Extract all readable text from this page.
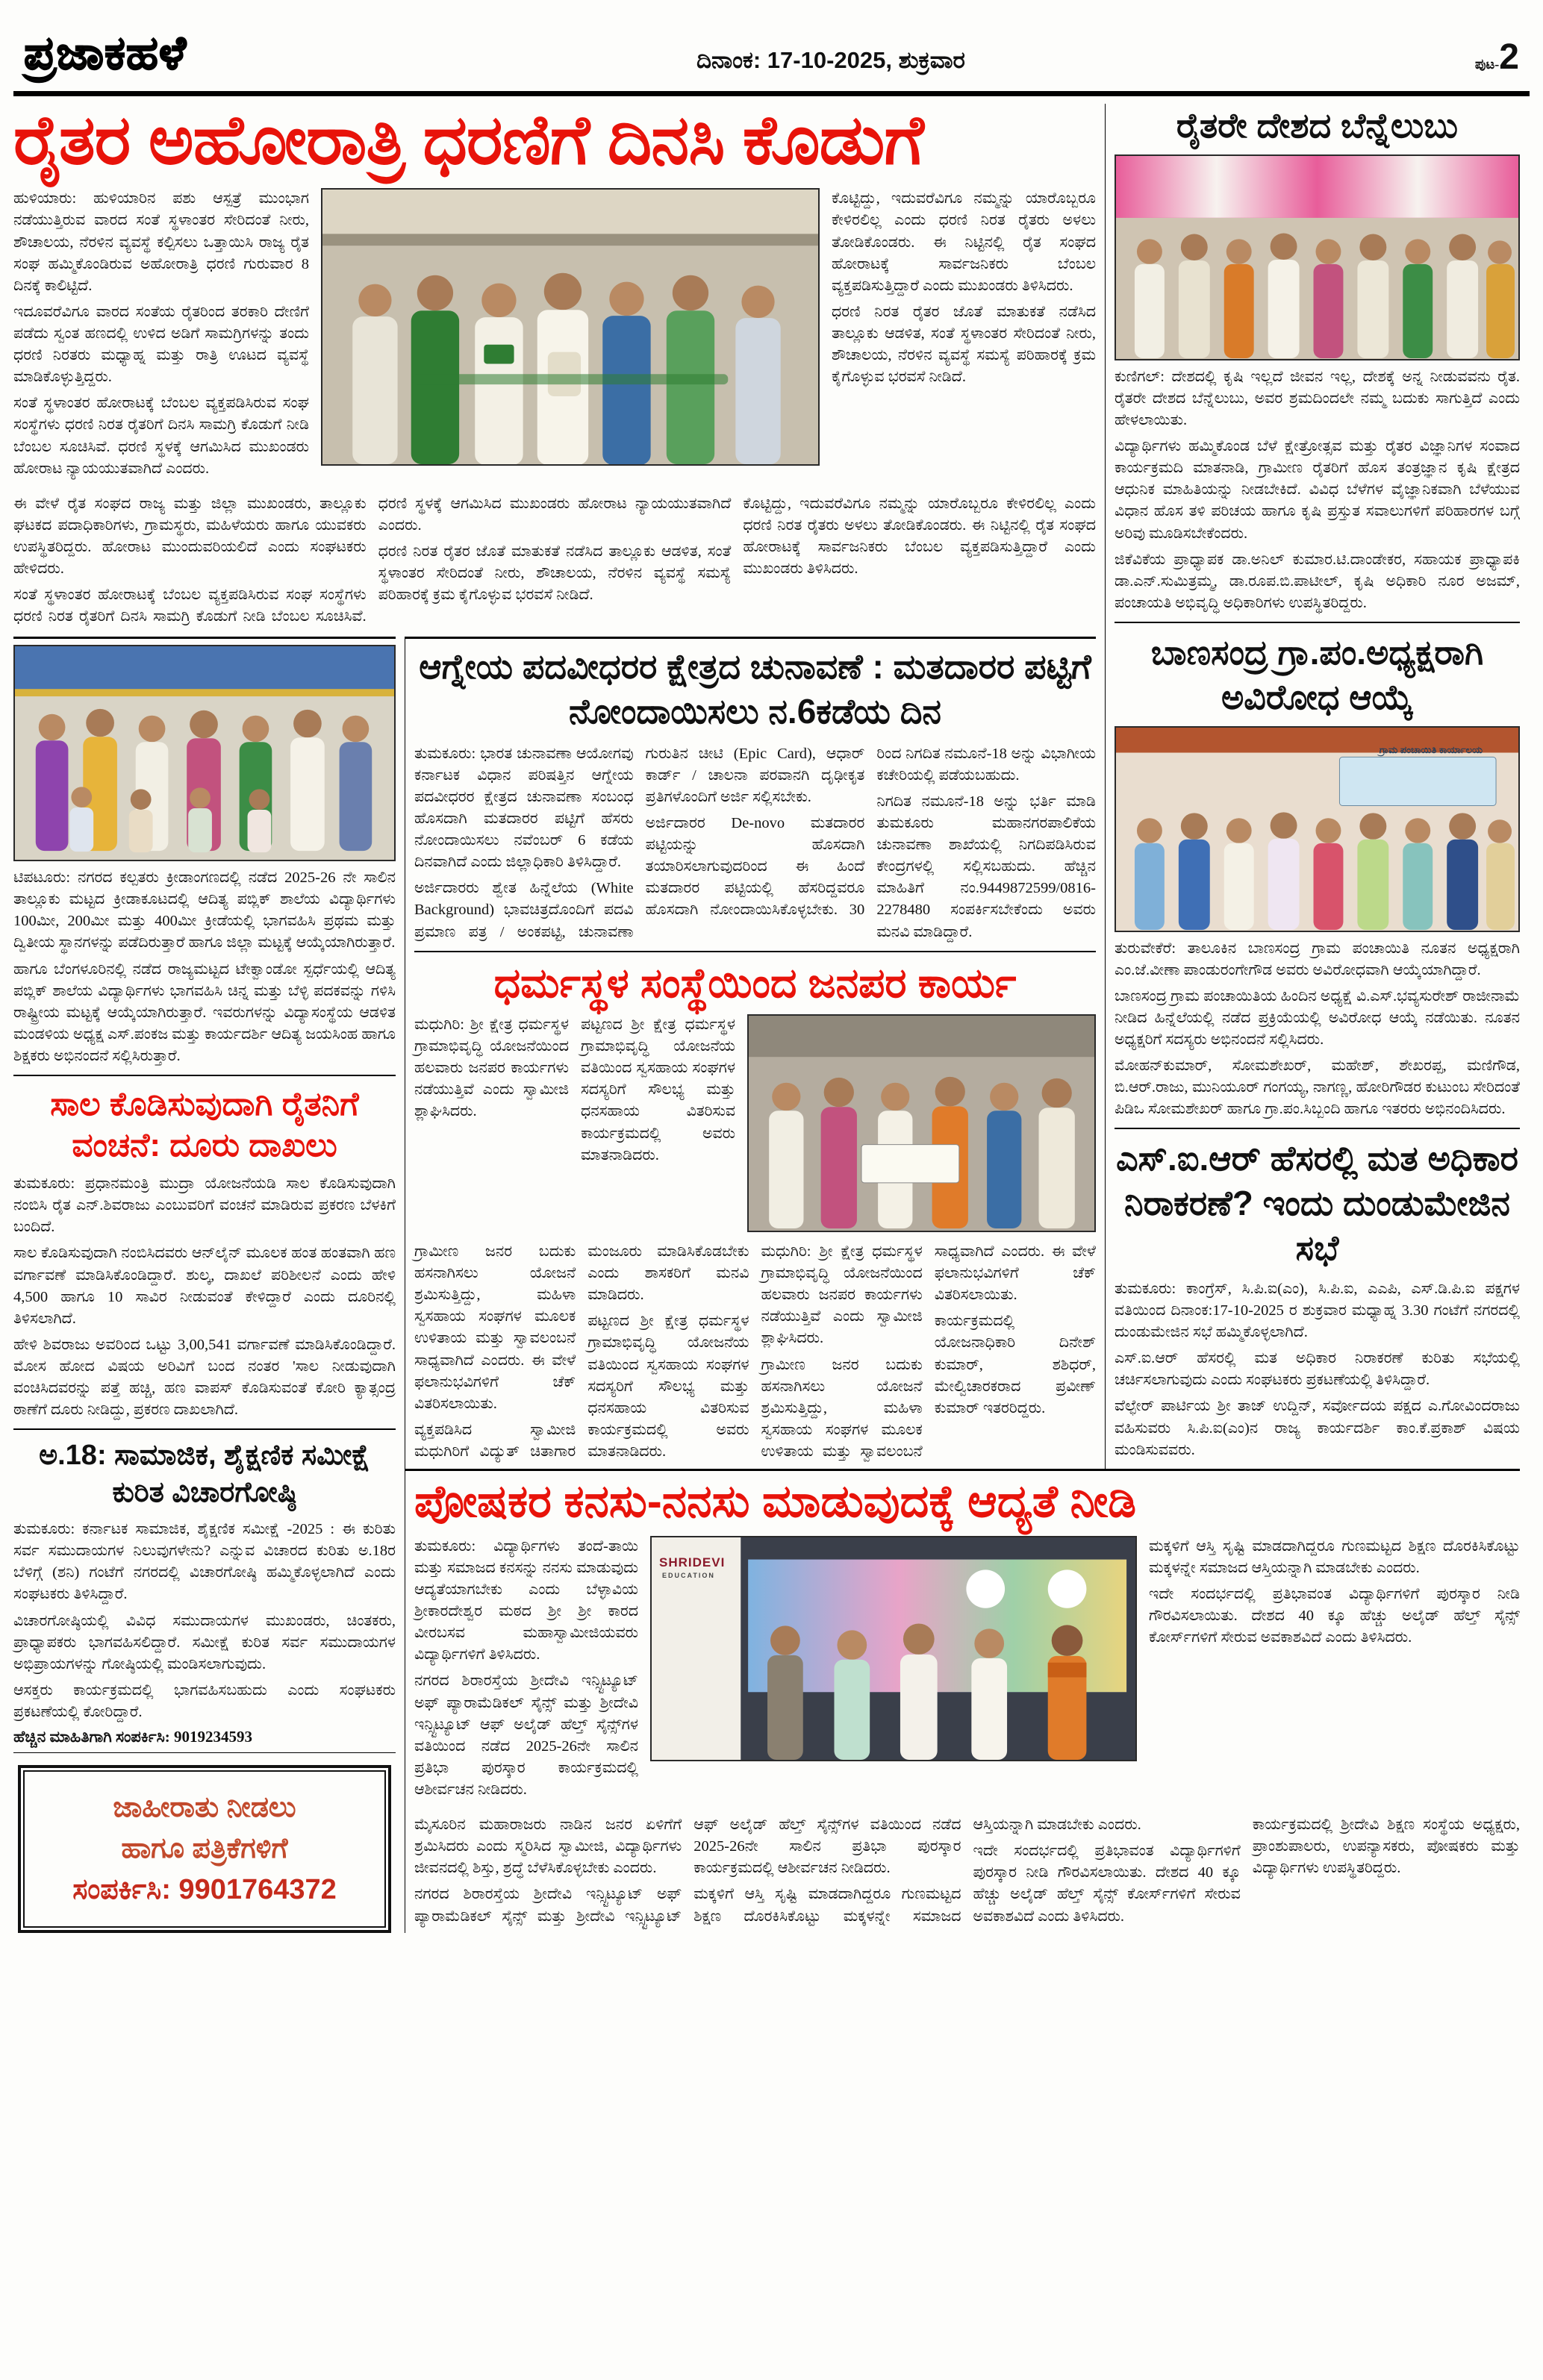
ಪ್ರಜಾಕಹಳೆ	ದಿನಾಂಕ: 17-10-2025, ಶುಕ್ರವಾರ	ಪುಟ-2
ರೈತರ ಅಹೋರಾತ್ರಿ ಧರಣಿಗೆ ದಿನಸಿ ಕೊಡುಗೆ

ಹುಳಿಯಾರು: ಹುಳಿಯಾರಿನ ಪಶು ಆಸ್ಪತ್ರೆ ಮುಂಭಾಗ ನಡೆಯುತ್ತಿರುವ ವಾರದ ಸಂತೆ ಸ್ಥಳಾಂತರ ಸೇರಿದಂತೆ ನೀರು, ಶೌಚಾಲಯ, ನೆರಳಿನ ವ್ಯವಸ್ಥೆ ಕಲ್ಪಿಸಲು ಒತ್ತಾಯಿಸಿ ರಾಜ್ಯ ರೈತ ಸಂಘ ಹಮ್ಮಿಕೊಂಡಿರುವ ಅಹೋರಾತ್ರಿ ಧರಣಿ ಗುರುವಾರ 8 ದಿನಕ್ಕೆ ಕಾಲಿಟ್ಟಿದೆ.

ಇದೂವರೆವಿಗೂ ವಾರದ ಸಂತೆಯ ರೈತರಿಂದ ತರಕಾರಿ ದೇಣಿಗೆ ಪಡೆದು ಸ್ವಂತ ಹಣದಲ್ಲಿ ಉಳಿದ ಅಡಿಗೆ ಸಾಮಗ್ರಿಗಳನ್ನು ತಂದು ಧರಣಿ ನಿರತರು ಮಧ್ಯಾಹ್ನ ಮತ್ತು ರಾತ್ರಿ ಊಟದ ವ್ಯವಸ್ಥೆ ಮಾಡಿಕೊಳ್ಳುತ್ತಿದ್ದರು.

ಸಂತೆ ಸ್ಥಳಾಂತರ ಹೋರಾಟಕ್ಕೆ ಬೆಂಬಲ ವ್ಯಕ್ತಪಡಿಸಿರುವ ಸಂಘ ಸಂಸ್ಥೆಗಳು ಧರಣಿ ನಿರತ ರೈತರಿಗೆ ದಿನಸಿ ಸಾಮಗ್ರಿ ಕೊಡುಗೆ ನೀಡಿ ಬೆಂಬಲ ಸೂಚಿಸಿವೆ. ಧರಣಿ ಸ್ಥಳಕ್ಕೆ ಆಗಮಿಸಿದ ಮುಖಂಡರು ಹೋರಾಟ ನ್ಯಾಯಯುತವಾಗಿದೆ ಎಂದರು.

ಕೊಟ್ಟಿದ್ದು, ಇದುವರೆವಿಗೂ ನಮ್ಮನ್ನು ಯಾರೊಬ್ಬರೂ ಕೇಳಿರಲಿಲ್ಲ ಎಂದು ಧರಣಿ ನಿರತ ರೈತರು ಅಳಲು ತೋಡಿಕೊಂಡರು. ಈ ನಿಟ್ಟಿನಲ್ಲಿ ರೈತ ಸಂಘದ ಹೋರಾಟಕ್ಕೆ ಸಾರ್ವಜನಿಕರು ಬೆಂಬಲ ವ್ಯಕ್ತಪಡಿಸುತ್ತಿದ್ದಾರೆ ಎಂದು ಮುಖಂಡರು ತಿಳಿಸಿದರು.

ಧರಣಿ ನಿರತ ರೈತರ ಜೊತೆ ಮಾತುಕತೆ ನಡೆಸಿದ ತಾಲ್ಲೂಕು ಆಡಳಿತ, ಸಂತೆ ಸ್ಥಳಾಂತರ ಸೇರಿದಂತೆ ನೀರು, ಶೌಚಾಲಯ, ನೆರಳಿನ ವ್ಯವಸ್ಥೆ ಸಮಸ್ಯೆ ಪರಿಹಾರಕ್ಕೆ ಕ್ರಮ ಕೈಗೊಳ್ಳುವ ಭರವಸೆ ನೀಡಿದೆ.

ಈ ವೇಳೆ ರೈತ ಸಂಘದ ರಾಜ್ಯ ಮತ್ತು ಜಿಲ್ಲಾ ಮುಖಂಡರು, ತಾಲ್ಲೂಕು ಘಟಕದ ಪದಾಧಿಕಾರಿಗಳು, ಗ್ರಾಮಸ್ಥರು, ಮಹಿಳೆಯರು ಹಾಗೂ ಯುವಕರು ಉಪಸ್ಥಿತರಿದ್ದರು. ಹೋರಾಟ ಮುಂದುವರಿಯಲಿದೆ ಎಂದು ಸಂಘಟಕರು ಹೇಳಿದರು.

ಸಂತೆ ಸ್ಥಳಾಂತರ ಹೋರಾಟಕ್ಕೆ ಬೆಂಬಲ ವ್ಯಕ್ತಪಡಿಸಿರುವ ಸಂಘ ಸಂಸ್ಥೆಗಳು ಧರಣಿ ನಿರತ ರೈತರಿಗೆ ದಿನಸಿ ಸಾಮಗ್ರಿ ಕೊಡುಗೆ ನೀಡಿ ಬೆಂಬಲ ಸೂಚಿಸಿವೆ. ಧರಣಿ ಸ್ಥಳಕ್ಕೆ ಆಗಮಿಸಿದ ಮುಖಂಡರು ಹೋರಾಟ ನ್ಯಾಯಯುತವಾಗಿದೆ ಎಂದರು.

ಧರಣಿ ನಿರತ ರೈತರ ಜೊತೆ ಮಾತುಕತೆ ನಡೆಸಿದ ತಾಲ್ಲೂಕು ಆಡಳಿತ, ಸಂತೆ ಸ್ಥಳಾಂತರ ಸೇರಿದಂತೆ ನೀರು, ಶೌಚಾಲಯ, ನೆರಳಿನ ವ್ಯವಸ್ಥೆ ಸಮಸ್ಯೆ ಪರಿಹಾರಕ್ಕೆ ಕ್ರಮ ಕೈಗೊಳ್ಳುವ ಭರವಸೆ ನೀಡಿದೆ.

ಕೊಟ್ಟಿದ್ದು, ಇದುವರೆವಿಗೂ ನಮ್ಮನ್ನು ಯಾರೊಬ್ಬರೂ ಕೇಳಿರಲಿಲ್ಲ ಎಂದು ಧರಣಿ ನಿರತ ರೈತರು ಅಳಲು ತೋಡಿಕೊಂಡರು. ಈ ನಿಟ್ಟಿನಲ್ಲಿ ರೈತ ಸಂಘದ ಹೋರಾಟಕ್ಕೆ ಸಾರ್ವಜನಿಕರು ಬೆಂಬಲ ವ್ಯಕ್ತಪಡಿಸುತ್ತಿದ್ದಾರೆ ಎಂದು ಮುಖಂಡರು ತಿಳಿಸಿದರು.

ಟಿಪಟೂರು: ನಗರದ ಕಲ್ಪತರು ಕ್ರೀಡಾಂಗಣದಲ್ಲಿ ನಡೆದ 2025-26 ನೇ ಸಾಲಿನ ತಾಲ್ಲೂಕು ಮಟ್ಟದ ಕ್ರೀಡಾಕೂಟದಲ್ಲಿ ಆದಿತ್ಯ ಪಬ್ಲಿಕ್ ಶಾಲೆಯ ವಿದ್ಯಾರ್ಥಿಗಳು 100ಮೀ, 200ಮೀ ಮತ್ತು 400ಮೀ ಕ್ರೀಡೆಯಲ್ಲಿ ಭಾಗವಹಿಸಿ ಪ್ರಥಮ ಮತ್ತು ದ್ವಿತೀಯ ಸ್ಥಾನಗಳನ್ನು ಪಡೆದಿರುತ್ತಾರೆ ಹಾಗೂ ಜಿಲ್ಲಾ ಮಟ್ಟಕ್ಕೆ ಆಯ್ಕೆಯಾಗಿರುತ್ತಾರೆ.

ಹಾಗೂ ಬೆಂಗಳೂರಿನಲ್ಲಿ ನಡೆದ ರಾಜ್ಯಮಟ್ಟದ ಟೇಕ್ವಾಂಡೋ ಸ್ಪರ್ಧೆಯಲ್ಲಿ ಆದಿತ್ಯ ಪಬ್ಲಿಕ್ ಶಾಲೆಯ ವಿದ್ಯಾರ್ಥಿಗಳು ಭಾಗವಹಿಸಿ ಚಿನ್ನ ಮತ್ತು ಬೆಳ್ಳಿ ಪದಕವನ್ನು ಗಳಿಸಿ ರಾಷ್ಟ್ರೀಯ ಮಟ್ಟಕ್ಕೆ ಆಯ್ಕೆಯಾಗಿರುತ್ತಾರೆ. ಇವರುಗಳನ್ನು ವಿದ್ಯಾಸಂಸ್ಥೆಯ ಆಡಳಿತ ಮಂಡಳಿಯ ಅಧ್ಯಕ್ಷ ಎಸ್.ಪಂಕಜ ಮತ್ತು ಕಾರ್ಯದರ್ಶಿ ಆದಿತ್ಯ ಜಯಸಿಂಹ ಹಾಗೂ ಶಿಕ್ಷಕರು ಅಭಿನಂದನೆ ಸಲ್ಲಿಸಿರುತ್ತಾರೆ.

ಸಾಲ ಕೊಡಿಸುವುದಾಗಿ ರೈತನಿಗೆ ವಂಚನೆ: ದೂರು ದಾಖಲು

ತುಮಕೂರು: ಪ್ರಧಾನಮಂತ್ರಿ ಮುದ್ರಾ ಯೋಜನೆಯಡಿ ಸಾಲ ಕೊಡಿಸುವುದಾಗಿ ನಂಬಿಸಿ ರೈತ ಎನ್.ಶಿವರಾಜು ಎಂಬುವರಿಗೆ ವಂಚನೆ ಮಾಡಿರುವ ಪ್ರಕರಣ ಬೆಳಕಿಗೆ ಬಂದಿದೆ.

ಸಾಲ ಕೊಡಿಸುವುದಾಗಿ ನಂಬಿಸಿದವರು ಆನ್‌ಲೈನ್ ಮೂಲಕ ಹಂತ ಹಂತವಾಗಿ ಹಣ ವರ್ಗಾವಣೆ ಮಾಡಿಸಿಕೊಂಡಿದ್ದಾರೆ. ಶುಲ್ಕ, ದಾಖಲೆ ಪರಿಶೀಲನೆ ಎಂದು ಹೇಳಿ 4,500 ಹಾಗೂ 10 ಸಾವಿರ ನೀಡುವಂತೆ ಕೇಳಿದ್ದಾರೆ ಎಂದು ದೂರಿನಲ್ಲಿ ತಿಳಿಸಲಾಗಿದೆ.

ಹೇಳಿ ಶಿವರಾಜು ಅವರಿಂದ ಒಟ್ಟು 3,00,541 ವರ್ಗಾವಣೆ ಮಾಡಿಸಿಕೊಂಡಿದ್ದಾರೆ. ಮೋಸ ಹೋದ ವಿಷಯ ಅರಿವಿಗೆ ಬಂದ ನಂತರ 'ಸಾಲ ನೀಡುವುದಾಗಿ ವಂಚಿಸಿದವರನ್ನು ಪತ್ತೆ ಹಚ್ಚಿ, ಹಣ ವಾಪಸ್ ಕೊಡಿಸುವಂತೆ ಕೋರಿ ಕ್ಯಾತ್ಸಂದ್ರ ಠಾಣೆಗೆ ದೂರು ನೀಡಿದ್ದು, ಪ್ರಕರಣ ದಾಖಲಾಗಿದೆ.

ಅ.18: ಸಾಮಾಜಿಕ, ಶೈಕ್ಷಣಿಕ ಸಮೀಕ್ಷೆ ಕುರಿತ ವಿಚಾರಗೋಷ್ಠಿ

ತುಮಕೂರು: ಕರ್ನಾಟಕ ಸಾಮಾಜಿಕ, ಶೈಕ್ಷಣಿಕ ಸಮೀಕ್ಷೆ -2025 : ಈ ಕುರಿತು ಸರ್ವ ಸಮುದಾಯಗಳ ನಿಲುವುಗಳೇನು? ಎನ್ನುವ ವಿಚಾರದ ಕುರಿತು ಅ.18ರ ಬೆಳಿಗ್ಗೆ (ಶನಿ) ಗಂಟೆಗೆ ನಗರದಲ್ಲಿ ವಿಚಾರಗೋಷ್ಠಿ ಹಮ್ಮಿಕೊಳ್ಳಲಾಗಿದೆ ಎಂದು ಸಂಘಟಕರು ತಿಳಿಸಿದ್ದಾರೆ.

ವಿಚಾರಗೋಷ್ಠಿಯಲ್ಲಿ ವಿವಿಧ ಸಮುದಾಯಗಳ ಮುಖಂಡರು, ಚಿಂತಕರು, ಪ್ರಾಧ್ಯಾಪಕರು ಭಾಗವಹಿಸಲಿದ್ದಾರೆ. ಸಮೀಕ್ಷೆ ಕುರಿತ ಸರ್ವ ಸಮುದಾಯಗಳ ಅಭಿಪ್ರಾಯಗಳನ್ನು ಗೋಷ್ಠಿಯಲ್ಲಿ ಮಂಡಿಸಲಾಗುವುದು.

ಆಸಕ್ತರು ಕಾರ್ಯಕ್ರಮದಲ್ಲಿ ಭಾಗವಹಿಸಬಹುದು ಎಂದು ಸಂಘಟಕರು ಪ್ರಕಟಣೆಯಲ್ಲಿ ಕೋರಿದ್ದಾರೆ.

ಹೆಚ್ಚಿನ ಮಾಹಿತಿಗಾಗಿ ಸಂಪರ್ಕಿಸಿ: 9019234593
ಜಾಹೀರಾತು ನೀಡಲು
ಹಾಗೂ ಪತ್ರಿಕೆಗಳಿಗೆ
ಸಂಪರ್ಕಿಸಿ: 9901764372
ಆಗ್ನೇಯ ಪದವೀಧರರ ಕ್ಷೇತ್ರದ ಚುನಾವಣೆ : ಮತದಾರರ ಪಟ್ಟಿಗೆ ನೋಂದಾಯಿಸಲು ನ.6ಕಡೆಯ ದಿನ

ತುಮಕೂರು: ಭಾರತ ಚುನಾವಣಾ ಆಯೋಗವು ಕರ್ನಾಟಕ ವಿಧಾನ ಪರಿಷತ್ತಿನ ಆಗ್ನೇಯ ಪದವೀಧರರ ಕ್ಷೇತ್ರದ ಚುನಾವಣಾ ಸಂಬಂಧ ಹೊಸದಾಗಿ ಮತದಾರರ ಪಟ್ಟಿಗೆ ಹೆಸರು ನೋಂದಾಯಿಸಲು ನವೆಂಬರ್ 6 ಕಡೆಯ ದಿನವಾಗಿದೆ ಎಂದು ಜಿಲ್ಲಾಧಿಕಾರಿ ತಿಳಿಸಿದ್ದಾರೆ.

ಅರ್ಜಿದಾರರು ಶ್ವೇತ ಹಿನ್ನೆಲೆಯ (White Background) ಭಾವಚಿತ್ರದೊಂದಿಗೆ ಪದವಿ ಪ್ರಮಾಣ ಪತ್ರ / ಅಂಕಪಟ್ಟಿ, ಚುನಾವಣಾ ಗುರುತಿನ ಚೀಟಿ (Epic Card), ಆಧಾರ್ ಕಾರ್ಡ್ / ಚಾಲನಾ ಪರವಾನಗಿ ದೃಢೀಕೃತ ಪ್ರತಿಗಳೊಂದಿಗೆ ಅರ್ಜಿ ಸಲ್ಲಿಸಬೇಕು.

ಅರ್ಜಿದಾರರ De-novo ಮತದಾರರ ಪಟ್ಟಿಯನ್ನು ಹೊಸದಾಗಿ ತಯಾರಿಸಲಾಗುವುದರಿಂದ ಈ ಹಿಂದೆ ಮತದಾರರ ಪಟ್ಟಿಯಲ್ಲಿ ಹೆಸರಿದ್ದವರೂ ಹೊಸದಾಗಿ ನೋಂದಾಯಿಸಿಕೊಳ್ಳಬೇಕು. 30 ರಿಂದ ನಿಗದಿತ ನಮೂನೆ-18 ಅನ್ನು ವಿಭಾಗೀಯ ಕಚೇರಿಯಲ್ಲಿ ಪಡೆಯಬಹುದು.

ನಿಗದಿತ ನಮೂನೆ-18 ಅನ್ನು ಭರ್ತಿ ಮಾಡಿ ತುಮಕೂರು ಮಹಾನಗರಪಾಲಿಕೆಯ ಚುನಾವಣಾ ಶಾಖೆಯಲ್ಲಿ ನಿಗದಿಪಡಿಸಿರುವ ಕೇಂದ್ರಗಳಲ್ಲಿ ಸಲ್ಲಿಸಬಹುದು. ಹೆಚ್ಚಿನ ಮಾಹಿತಿಗೆ ನಂ.9449872599/0816-2278480 ಸಂಪರ್ಕಿಸಬೇಕೆಂದು ಅವರು ಮನವಿ ಮಾಡಿದ್ದಾರೆ.

ಧರ್ಮಸ್ಥಳ ಸಂಸ್ಥೆಯಿಂದ ಜನಪರ ಕಾರ್ಯ

ಮಧುಗಿರಿ: ಶ್ರೀ ಕ್ಷೇತ್ರ ಧರ್ಮಸ್ಥಳ ಗ್ರಾಮಾಭಿವೃದ್ಧಿ ಯೋಜನೆಯಿಂದ ಹಲವಾರು ಜನಪರ ಕಾರ್ಯಗಳು ನಡೆಯುತ್ತಿವೆ ಎಂದು ಸ್ವಾಮೀಜಿ ಶ್ಲಾಘಿಸಿದರು.

ಪಟ್ಟಣದ ಶ್ರೀ ಕ್ಷೇತ್ರ ಧರ್ಮಸ್ಥಳ ಗ್ರಾಮಾಭಿವೃದ್ಧಿ ಯೋಜನೆಯ ವತಿಯಿಂದ ಸ್ವಸಹಾಯ ಸಂಘಗಳ ಸದಸ್ಯರಿಗೆ ಸೌಲಭ್ಯ ಮತ್ತು ಧನಸಹಾಯ ವಿತರಿಸುವ ಕಾರ್ಯಕ್ರಮದಲ್ಲಿ ಅವರು ಮಾತನಾಡಿದರು.

ಗ್ರಾಮೀಣ ಜನರ ಬದುಕು ಹಸನಾಗಿಸಲು ಯೋಜನೆ ಶ್ರಮಿಸುತ್ತಿದ್ದು, ಮಹಿಳಾ ಸ್ವಸಹಾಯ ಸಂಘಗಳ ಮೂಲಕ ಉಳಿತಾಯ ಮತ್ತು ಸ್ವಾವಲಂಬನೆ ಸಾಧ್ಯವಾಗಿದೆ ಎಂದರು. ಈ ವೇಳೆ ಫಲಾನುಭವಿಗಳಿಗೆ ಚೆಕ್ ವಿತರಿಸಲಾಯಿತು.

ವ್ಯಕ್ತಪಡಿಸಿದ ಸ್ವಾಮೀಜಿ ಮಧುಗಿರಿಗೆ ವಿದ್ಯುತ್ ಚಿತಾಗಾರ ಮಂಜೂರು ಮಾಡಿಸಿಕೊಡಬೇಕು ಎಂದು ಶಾಸಕರಿಗೆ ಮನವಿ ಮಾಡಿದರು.

ಪಟ್ಟಣದ ಶ್ರೀ ಕ್ಷೇತ್ರ ಧರ್ಮಸ್ಥಳ ಗ್ರಾಮಾಭಿವೃದ್ಧಿ ಯೋಜನೆಯ ವತಿಯಿಂದ ಸ್ವಸಹಾಯ ಸಂಘಗಳ ಸದಸ್ಯರಿಗೆ ಸೌಲಭ್ಯ ಮತ್ತು ಧನಸಹಾಯ ವಿತರಿಸುವ ಕಾರ್ಯಕ್ರಮದಲ್ಲಿ ಅವರು ಮಾತನಾಡಿದರು.

ಮಧುಗಿರಿ: ಶ್ರೀ ಕ್ಷೇತ್ರ ಧರ್ಮಸ್ಥಳ ಗ್ರಾಮಾಭಿವೃದ್ಧಿ ಯೋಜನೆಯಿಂದ ಹಲವಾರು ಜನಪರ ಕಾರ್ಯಗಳು ನಡೆಯುತ್ತಿವೆ ಎಂದು ಸ್ವಾಮೀಜಿ ಶ್ಲಾಘಿಸಿದರು.

ಗ್ರಾಮೀಣ ಜನರ ಬದುಕು ಹಸನಾಗಿಸಲು ಯೋಜನೆ ಶ್ರಮಿಸುತ್ತಿದ್ದು, ಮಹಿಳಾ ಸ್ವಸಹಾಯ ಸಂಘಗಳ ಮೂಲಕ ಉಳಿತಾಯ ಮತ್ತು ಸ್ವಾವಲಂಬನೆ ಸಾಧ್ಯವಾಗಿದೆ ಎಂದರು. ಈ ವೇಳೆ ಫಲಾನುಭವಿಗಳಿಗೆ ಚೆಕ್ ವಿತರಿಸಲಾಯಿತು.

ಕಾರ್ಯಕ್ರಮದಲ್ಲಿ ಯೋಜನಾಧಿಕಾರಿ ದಿನೇಶ್ ಕುಮಾರ್, ಶಶಿಧರ್, ಮೇಲ್ವಿಚಾರಕರಾದ ಪ್ರವೀಣ್ ಕುಮಾರ್ ಇತರರಿದ್ದರು.

ರೈತರೇ ದೇಶದ ಬೆನ್ನೆಲುಬು

ಕುಣಿಗಲ್: ದೇಶದಲ್ಲಿ ಕೃಷಿ ಇಲ್ಲದೆ ಜೀವನ ಇಲ್ಲ, ದೇಶಕ್ಕೆ ಅನ್ನ ನೀಡುವವನು ರೈತ. ರೈತರೇ ದೇಶದ ಬೆನ್ನೆಲುಬು, ಅವರ ಶ್ರಮದಿಂದಲೇ ನಮ್ಮ ಬದುಕು ಸಾಗುತ್ತಿದೆ ಎಂದು ಹೇಳಲಾಯಿತು.

ವಿದ್ಯಾರ್ಥಿಗಳು ಹಮ್ಮಿಕೊಂಡ ಬೆಳೆ ಕ್ಷೇತ್ರೋತ್ಸವ ಮತ್ತು ರೈತರ ವಿಜ್ಞಾನಿಗಳ ಸಂವಾದ ಕಾರ್ಯಕ್ರಮದಿ ಮಾತನಾಡಿ, ಗ್ರಾಮೀಣ ರೈತರಿಗೆ ಹೊಸ ತಂತ್ರಜ್ಞಾನ ಕೃಷಿ ಕ್ಷೇತ್ರದ ಆಧುನಿಕ ಮಾಹಿತಿಯನ್ನು ನೀಡಬೇಕಿದೆ. ವಿವಿಧ ಬೆಳೆಗಳ ವೈಜ್ಞಾನಿಕವಾಗಿ ಬೆಳೆಯುವ ವಿಧಾನ ಹೊಸ ತಳಿ ಪರಿಚಯ ಹಾಗೂ ಕೃಷಿ ಪ್ರಸ್ತುತ ಸವಾಲುಗಳಿಗೆ ಪರಿಹಾರಗಳ ಬಗ್ಗೆ ಅರಿವು ಮೂಡಿಸಬೇಕೆಂದರು.

ಜಿಕೆವಿಕೆಯ ಪ್ರಾಧ್ಯಾಪಕ ಡಾ.ಅನಿಲ್ ಕುಮಾರ.ಟಿ.ದಾಂಡೇಕರ, ಸಹಾಯಕ ಪ್ರಾಧ್ಯಾಪಕಿ ಡಾ.ಎನ್.ಸುಮಿತ್ರಮ್ಮ, ಡಾ.ರೂಪ.ಬಿ.ಪಾಟೀಲ್, ಕೃಷಿ ಅಧಿಕಾರಿ ನೂರ ಅಜಮ್, ಪಂಚಾಯತಿ ಅಭಿವೃದ್ಧಿ ಅಧಿಕಾರಿಗಳು ಉಪಸ್ಥಿತರಿದ್ದರು.

ಬಾಣಸಂದ್ರ ಗ್ರಾ.ಪಂ.ಅಧ್ಯಕ್ಷರಾಗಿ ಅವಿರೋಧ ಆಯ್ಕೆ
ಗ್ರಾಮ ಪಂಚಾಯಿತಿ ಕಾರ್ಯಾಲಯ

ತುರುವೇಕೆರೆ: ತಾಲೂಕಿನ ಬಾಣಸಂದ್ರ ಗ್ರಾಮ ಪಂಚಾಯಿತಿ ನೂತನ ಅಧ್ಯಕ್ಷರಾಗಿ ಎಂ.ಜೆ.ವೀಣಾ ಪಾಂಡುರಂಗೇಗೌಡ ಅವರು ಅವಿರೋಧವಾಗಿ ಆಯ್ಕೆಯಾಗಿದ್ದಾರೆ.

ಬಾಣಸಂದ್ರ ಗ್ರಾಮ ಪಂಚಾಯಿತಿಯ ಹಿಂದಿನ ಅಧ್ಯಕ್ಷೆ ವಿ.ಎಸ್.ಭವ್ಯಸುರೇಶ್ ರಾಜೀನಾಮೆ ನೀಡಿದ ಹಿನ್ನೆಲೆಯಲ್ಲಿ ನಡೆದ ಪ್ರಕ್ರಿಯೆಯಲ್ಲಿ ಅವಿರೋಧ ಆಯ್ಕೆ ನಡೆಯಿತು. ನೂತನ ಅಧ್ಯಕ್ಷರಿಗೆ ಸದಸ್ಯರು ಅಭಿನಂದನೆ ಸಲ್ಲಿಸಿದರು.

ಮೋಹನ್‌ಕುಮಾರ್, ಸೋಮಶೇಖರ್, ಮಹೇಶ್, ಶೇಖರಪ್ಪ, ಮಣಿಗೌಡ, ಬಿ.ಆರ್.ರಾಜು, ಮುನಿಯೂರ್ ಗಂಗಯ್ಯ, ನಾಗಣ್ಣ, ಹೋರಿಗೌಡರ ಕುಟುಂಬ ಸೇರಿದಂತೆ ಪಿಡಿಒ ಸೋಮಶೇಖರ್ ಹಾಗೂ ಗ್ರಾ.ಪಂ.ಸಿಬ್ಬಂದಿ ಹಾಗೂ ಇತರರು ಅಭಿನಂದಿಸಿದರು.

ಎಸ್.ಐ.ಆರ್ ಹೆಸರಲ್ಲಿ ಮತ ಅಧಿಕಾರ ನಿರಾಕರಣೆ? ಇಂದು ದುಂಡುಮೇಜಿನ ಸಭೆ

ತುಮಕೂರು: ಕಾಂಗ್ರೆಸ್, ಸಿ.ಪಿ.ಐ(ಎಂ), ಸಿ.ಪಿ.ಐ, ಎಎಪಿ, ಎಸ್.ಡಿ.ಪಿ.ಐ ಪಕ್ಷಗಳ ವತಿಯಿಂದ ದಿನಾಂಕ:17-10-2025 ರ ಶುಕ್ರವಾರ ಮಧ್ಯಾಹ್ನ 3.30 ಗಂಟೆಗೆ ನಗರದಲ್ಲಿ ದುಂಡುಮೇಜಿನ ಸಭೆ ಹಮ್ಮಿಕೊಳ್ಳಲಾಗಿದೆ.

ಎಸ್.ಐ.ಆರ್ ಹೆಸರಲ್ಲಿ ಮತ ಅಧಿಕಾರ ನಿರಾಕರಣೆ ಕುರಿತು ಸಭೆಯಲ್ಲಿ ಚರ್ಚಿಸಲಾಗುವುದು ಎಂದು ಸಂಘಟಕರು ಪ್ರಕಟಣೆಯಲ್ಲಿ ತಿಳಿಸಿದ್ದಾರೆ.

ವೆಲ್ಫೇರ್ ಪಾರ್ಟಿಯ ಶ್ರೀ ತಾಜ್ ಉದ್ದಿನ್, ಸರ್ವೋದಯ ಪಕ್ಷದ ಎ.ಗೋವಿಂದರಾಜು ವಹಿಸುವರು ಸಿ.ಪಿ.ಐ(ಎಂ)ನ ರಾಜ್ಯ ಕಾರ್ಯದರ್ಶಿ ಕಾಂ.ಕೆ.ಪ್ರಕಾಶ್ ವಿಷಯ ಮಂಡಿಸುವವರು.

ಪೋಷಕರ ಕನಸು-ನನಸು ಮಾಡುವುದಕ್ಕೆ ಆದ್ಯತೆ ನೀಡಿ

ತುಮಕೂರು: ವಿದ್ಯಾರ್ಥಿಗಳು ತಂದೆ-ತಾಯಿ ಮತ್ತು ಸಮಾಜದ ಕನಸನ್ನು ನನಸು ಮಾಡುವುದು ಆದ್ಯತೆಯಾಗಬೇಕು ಎಂದು ಬೆಳ್ಳಾವಿಯ ಶ್ರೀಕಾರದೇಶ್ವರ ಮಠದ ಶ್ರೀ ಶ್ರೀ ಕಾರದ ವೀರಬಸವ ಮಹಾಸ್ವಾಮೀಜಿಯವರು ವಿದ್ಯಾರ್ಥಿಗಳಿಗೆ ತಿಳಿಸಿದರು.

ನಗರದ ಶಿರಾರಸ್ತೆಯ ಶ್ರೀದೇವಿ ಇನ್ಸ್ಟಿಟ್ಯೂಟ್ ಅಫ್ ಪ್ಯಾರಾಮೆಡಿಕಲ್ ಸೈನ್ಸ್ ಮತ್ತು ಶ್ರೀದೇವಿ ಇನ್ಸ್ಟಿಟ್ಯೂಟ್ ಆಫ್ ಅಲೈಡ್ ಹೆಲ್ತ್ ಸೈನ್ಸ್‌ಗಳ ವತಿಯಿಂದ ನಡೆದ 2025-26ನೇ ಸಾಲಿನ ಪ್ರತಿಭಾ ಪುರಸ್ಕಾರ ಕಾರ್ಯಕ್ರಮದಲ್ಲಿ ಆಶೀರ್ವಚನ ನೀಡಿದರು.

SHRIDEVI
EDUCATION

ಮಕ್ಕಳಿಗೆ ಆಸ್ತಿ ಸೃಷ್ಟಿ ಮಾಡದಾಗಿದ್ದರೂ ಗುಣಮಟ್ಟದ ಶಿಕ್ಷಣ ದೊರಕಿಸಿಕೊಟ್ಟು ಮಕ್ಕಳನ್ನೇ ಸಮಾಜದ ಆಸ್ತಿಯನ್ನಾಗಿ ಮಾಡಬೇಕು ಎಂದರು.

ಇದೇ ಸಂದರ್ಭದಲ್ಲಿ ಪ್ರತಿಭಾವಂತ ವಿದ್ಯಾರ್ಥಿಗಳಿಗೆ ಪುರಸ್ಕಾರ ನೀಡಿ ಗೌರವಿಸಲಾಯಿತು. ದೇಶದ 40 ಕ್ಕೂ ಹೆಚ್ಚು ಅಲೈಡ್ ಹೆಲ್ತ್ ಸೈನ್ಸ್ ಕೋರ್ಸ್‌ಗಳಿಗೆ ಸೇರುವ ಅವಕಾಶವಿದೆ ಎಂದು ತಿಳಿಸಿದರು.

ಮೈಸೂರಿನ ಮಹಾರಾಜರು ನಾಡಿನ ಜನರ ಏಳಿಗೆಗೆ ಶ್ರಮಿಸಿದರು ಎಂದು ಸ್ಮರಿಸಿದ ಸ್ವಾಮೀಜಿ, ವಿದ್ಯಾರ್ಥಿಗಳು ಜೀವನದಲ್ಲಿ ಶಿಸ್ತು, ಶ್ರದ್ಧೆ ಬೆಳೆಸಿಕೊಳ್ಳಬೇಕು ಎಂದರು.

ನಗರದ ಶಿರಾರಸ್ತೆಯ ಶ್ರೀದೇವಿ ಇನ್ಸ್ಟಿಟ್ಯೂಟ್ ಅಫ್ ಪ್ಯಾರಾಮೆಡಿಕಲ್ ಸೈನ್ಸ್ ಮತ್ತು ಶ್ರೀದೇವಿ ಇನ್ಸ್ಟಿಟ್ಯೂಟ್ ಆಫ್ ಅಲೈಡ್ ಹೆಲ್ತ್ ಸೈನ್ಸ್‌ಗಳ ವತಿಯಿಂದ ನಡೆದ 2025-26ನೇ ಸಾಲಿನ ಪ್ರತಿಭಾ ಪುರಸ್ಕಾರ ಕಾರ್ಯಕ್ರಮದಲ್ಲಿ ಆಶೀರ್ವಚನ ನೀಡಿದರು.

ಮಕ್ಕಳಿಗೆ ಆಸ್ತಿ ಸೃಷ್ಟಿ ಮಾಡದಾಗಿದ್ದರೂ ಗುಣಮಟ್ಟದ ಶಿಕ್ಷಣ ದೊರಕಿಸಿಕೊಟ್ಟು ಮಕ್ಕಳನ್ನೇ ಸಮಾಜದ ಆಸ್ತಿಯನ್ನಾಗಿ ಮಾಡಬೇಕು ಎಂದರು.

ಇದೇ ಸಂದರ್ಭದಲ್ಲಿ ಪ್ರತಿಭಾವಂತ ವಿದ್ಯಾರ್ಥಿಗಳಿಗೆ ಪುರಸ್ಕಾರ ನೀಡಿ ಗೌರವಿಸಲಾಯಿತು. ದೇಶದ 40 ಕ್ಕೂ ಹೆಚ್ಚು ಅಲೈಡ್ ಹೆಲ್ತ್ ಸೈನ್ಸ್ ಕೋರ್ಸ್‌ಗಳಿಗೆ ಸೇರುವ ಅವಕಾಶವಿದೆ ಎಂದು ತಿಳಿಸಿದರು.

ಕಾರ್ಯಕ್ರಮದಲ್ಲಿ ಶ್ರೀದೇವಿ ಶಿಕ್ಷಣ ಸಂಸ್ಥೆಯ ಅಧ್ಯಕ್ಷರು, ಪ್ರಾಂಶುಪಾಲರು, ಉಪನ್ಯಾಸಕರು, ಪೋಷಕರು ಮತ್ತು ವಿದ್ಯಾರ್ಥಿಗಳು ಉಪಸ್ಥಿತರಿದ್ದರು.
